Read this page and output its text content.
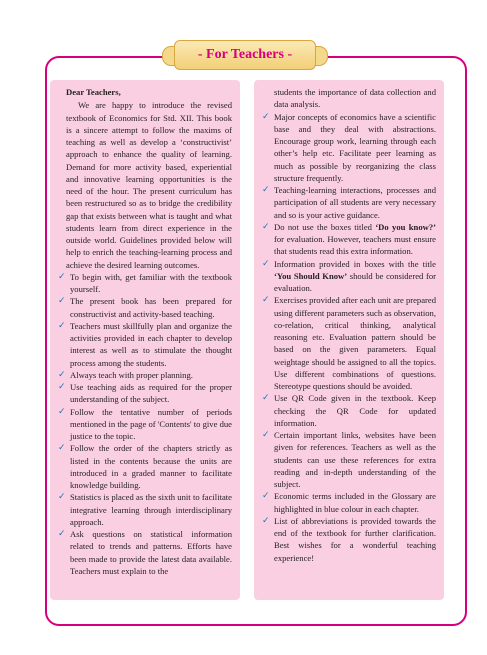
- For Teachers -

Dear Teachers,

We are happy to introduce the revised textbook of Economics for Std. XII. This book is a sincere attempt to follow the maxims of teaching as well as develop a ‘constructivist’ approach to enhance the quality of learning. Demand for more activity based, experiential and innovative learning opportunities is the need of the hour. The present curriculum has been restructured so as to bridge the credibility gap that exists between what is taught and what students learn from direct experience in the outside world. Guidelines provided below will help to enrich the teaching-learning process and achieve the desired learning outcomes.

✓ To begin with, get familiar with the textbook yourself.
✓ The present book has been prepared for constructivist and activity-based teaching.
✓ Teachers must skillfully plan and organize the activities provided in each chapter to develop interest as well as to stimulate the thought process among the students.
✓ Always teach with proper planning.
✓ Use teaching aids as required for the proper understanding of the subject.
✓ Follow the tentative number of periods mentioned in the page of 'Contents' to give due justice to the topic.
✓ Follow the order of the chapters strictly as listed in the contents because the units are introduced in a graded manner to facilitate knowledge building.
✓ Statistics is placed as the sixth unit to facilitate integrative learning through interdisciplinary approach.
✓ Ask questions on statistical information related to trends and patterns. Efforts have been made to provide the latest data available. Teachers must explain to the

students the importance of data collection and data analysis.

✓ Major concepts of economics have a scientific base and they deal with abstractions. Encourage group work, learning through each other’s help etc. Facilitate peer learning as much as possible by reorganizing the class structure frequently.
✓ Teaching-learning interactions, processes and participation of all students are very necessary and so is your active guidance.
✓ Do not use the boxes titled ‘Do you know?’ for evaluation. However, teachers must ensure that students read this extra information.
✓ Information provided in boxes with the title ‘You Should Know’ should be considered for evaluation.
✓ Exercises provided after each unit are prepared using different parameters such as observation, co-relation, critical thinking, analytical reasoning etc. Evaluation pattern should be based on the given parameters. Equal weightage should be assigned to all the topics. Use different combinations of questions. Stereotype questions should be avoided.
✓ Use QR Code given in the textbook. Keep checking the QR Code for updated information.
✓ Certain important links, websites have been given for references. Teachers as well as the students can use these references for extra reading and in-depth understanding of the subject.
✓ Economic terms included in the Glossary are highlighted in blue colour in each chapter.
✓ List of abbreviations is provided towards the end of the textbook for further clarification. Best wishes for a wonderful teaching experience!
